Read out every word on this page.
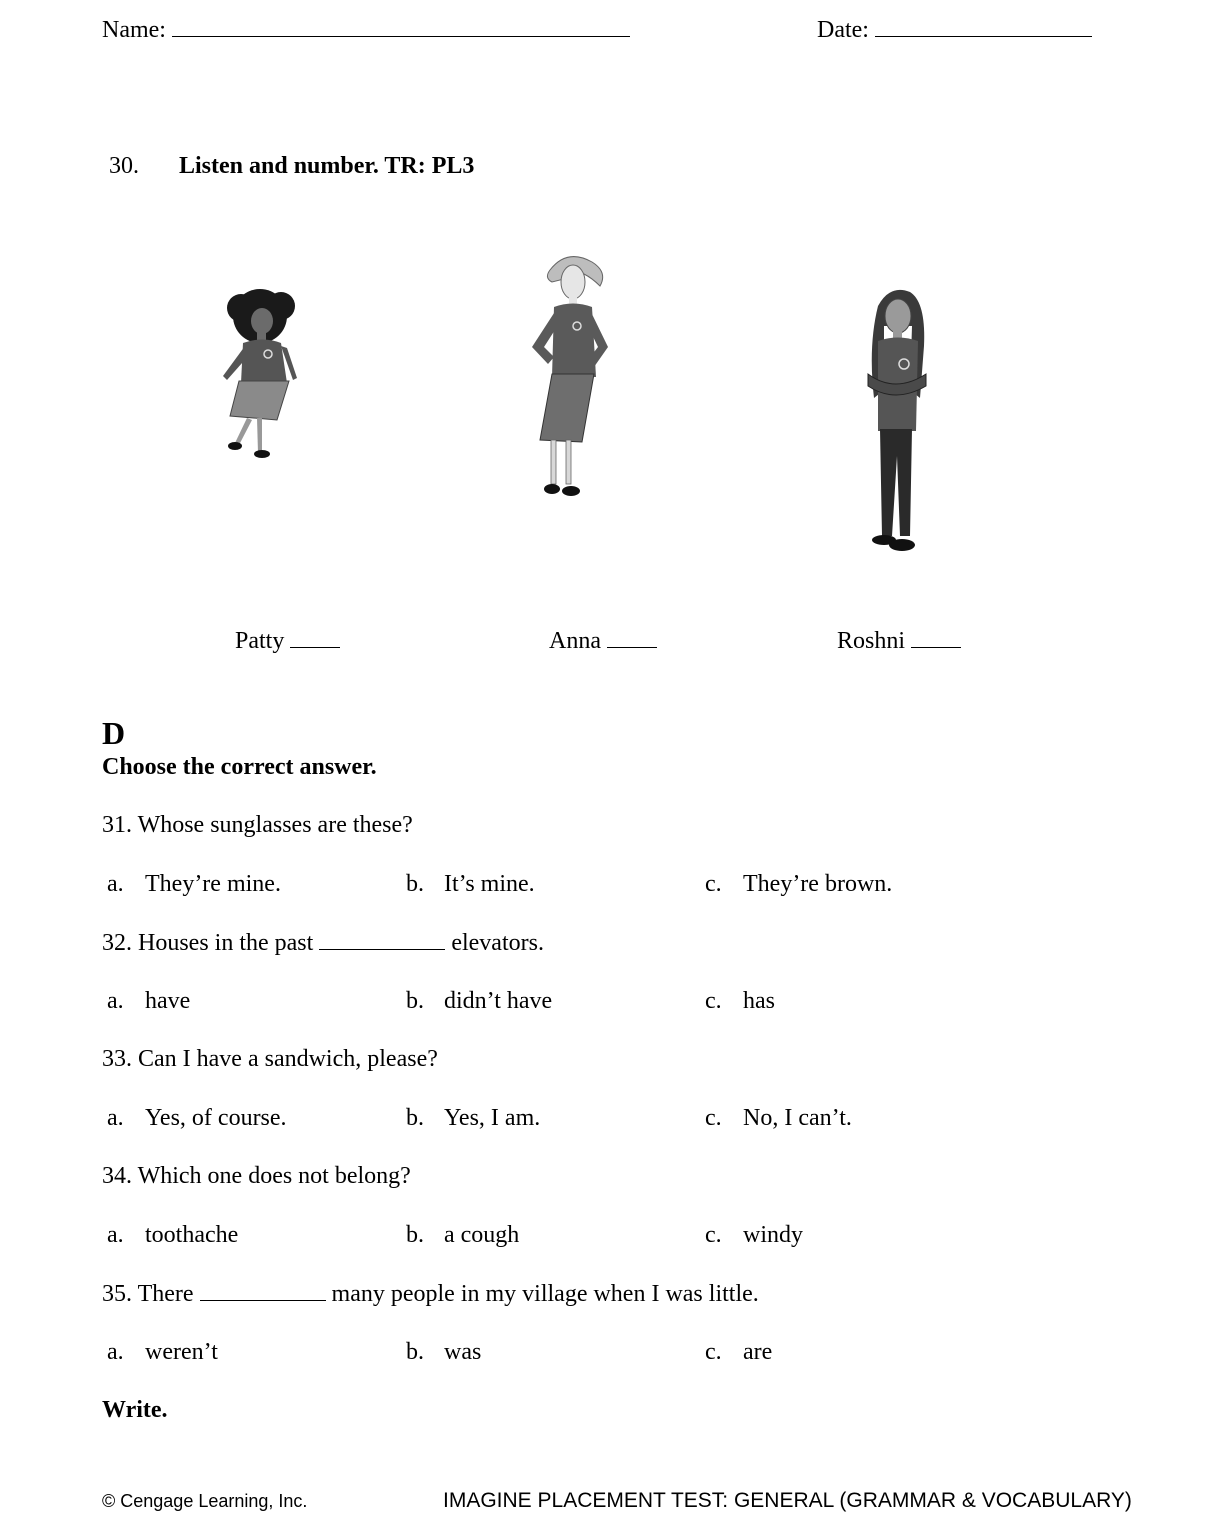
Name:	Date:
30. Listen and number. TR: PL3
Patty	Anna	Roshni
D
Choose the correct answer.
31. Whose sunglasses are these?
a. They’re mine.	b. It’s mine.	c. They’re brown.
32. Houses in the past	elevators.
a. have	b. didn’t have	c. has
33. Can I have a sandwich, please?
a. Yes, of course.	b. Yes, I am.	c. No, I can’t.
34. Which one does not belong?
a. toothache	b. a cough	c. windy
35. There	many people in my village when I was little.
a. weren’t	b. was	c. are
Write.
© Cengage Learning, Inc.	IMAGINE PLACEMENT TEST: GENERAL (GRAMMAR & VOCABULARY)
